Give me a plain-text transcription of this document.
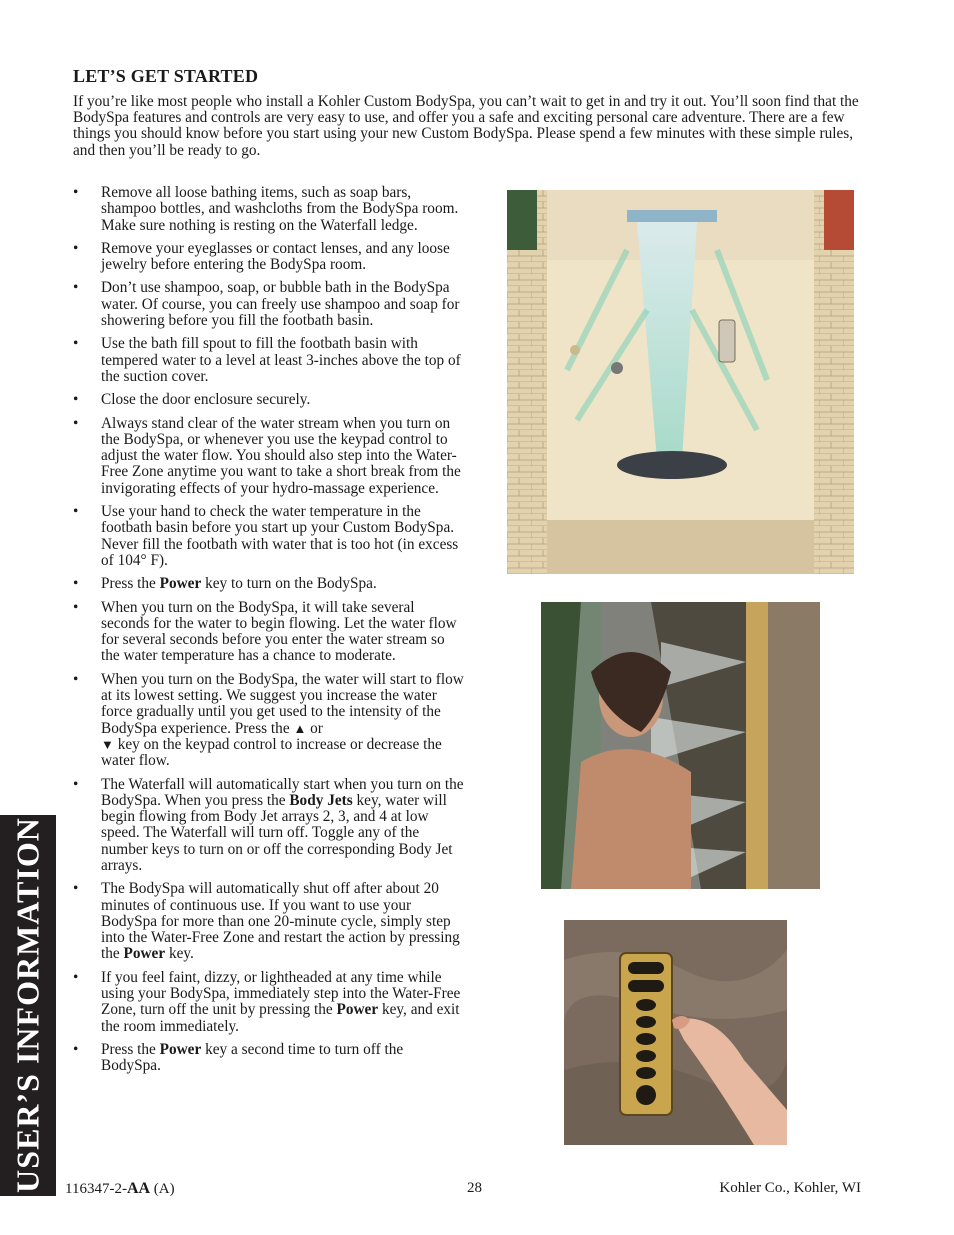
LET’S GET STARTED

If you’re like most people who install a Kohler Custom BodySpa, you can’t wait to get in and try it out. You’ll soon find that the BodySpa features and controls are very easy to use, and offer you a safe and exciting personal care adventure. There are a few things you should know before you start using your new Custom BodySpa. Please spend a few minutes with these simple rules, and then you’ll be ready to go.

• Remove all loose bathing items, such as soap bars, shampoo bottles, and washcloths from the BodySpa room. Make sure nothing is resting on the Waterfall ledge.
• Remove your eyeglasses or contact lenses, and any loose jewelry before entering the BodySpa room.
• Don’t use shampoo, soap, or bubble bath in the BodySpa water. Of course, you can freely use shampoo and soap for showering before you fill the footbath basin.
• Use the bath fill spout to fill the footbath basin with tempered water to a level at least 3-inches above the top of the suction cover.
• Close the door enclosure securely.
• Always stand clear of the water stream when you turn on the BodySpa, or whenever you use the keypad control to adjust the water flow. You should also step into the Water-Free Zone anytime you want to take a short break from the invigorating effects of your hydro-massage experience.
• Use your hand to check the water temperature in the footbath basin before you start up your Custom BodySpa. Never fill the footbath with water that is too hot (in excess of 104° F).
• Press the Power key to turn on the BodySpa.
• When you turn on the BodySpa, it will take several seconds for the water to begin flowing. Let the water flow for several seconds before you enter the water stream so the water temperature has a chance to moderate.
• When you turn on the BodySpa, the water will start to flow at its lowest setting. We suggest you increase the water force gradually until you get used to the intensity of the BodySpa experience. Press the ▲ or
▼ key on the keypad control to increase or decrease the water flow.
• The Waterfall will automatically start when you turn on the BodySpa. When you press the Body Jets key, water will begin flowing from Body Jet arrays 2, 3, and 4 at low speed. The Waterfall will turn off. Toggle any of the number keys to turn on or off the corresponding Body Jet arrays.
• The BodySpa will automatically shut off after about 20 minutes of continuous use. If you want to use your BodySpa for more than one 20-minute cycle, simply step into the Water-Free Zone and restart the action by pressing the Power key.
• If you feel faint, dizzy, or lightheaded at any time while using your BodySpa, immediately step into the Water-Free Zone, turn off the unit by pressing the Power key, and exit the room immediately.
• Press the Power key a second time to turn off the BodySpa.
USER’S INFORMATION 116347-2-AA (A)	28	Kohler Co., Kohler, WI
